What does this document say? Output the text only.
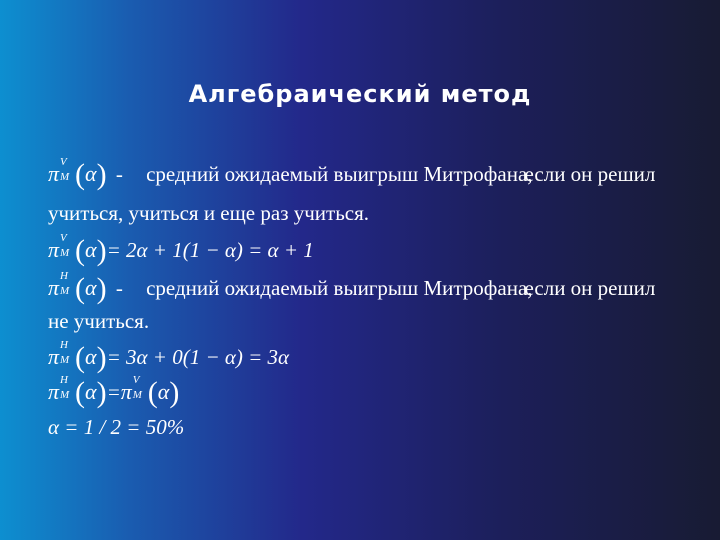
Алгебраический метод
π V
M (α) - средний ожидаемый выигрыш Митрофана,если он решил
учиться, учиться и еще раз учиться.
π V
M (α)= 2α + 1(1 − α) = α + 1
π H
M (α) - средний ожидаемый выигрыш Митрофана,если он решил
не учиться.
π H
M (α)= 3α + 0(1 − α) = 3α
π H
M (α)=π V
M (α)
α = 1 / 2 = 50%
